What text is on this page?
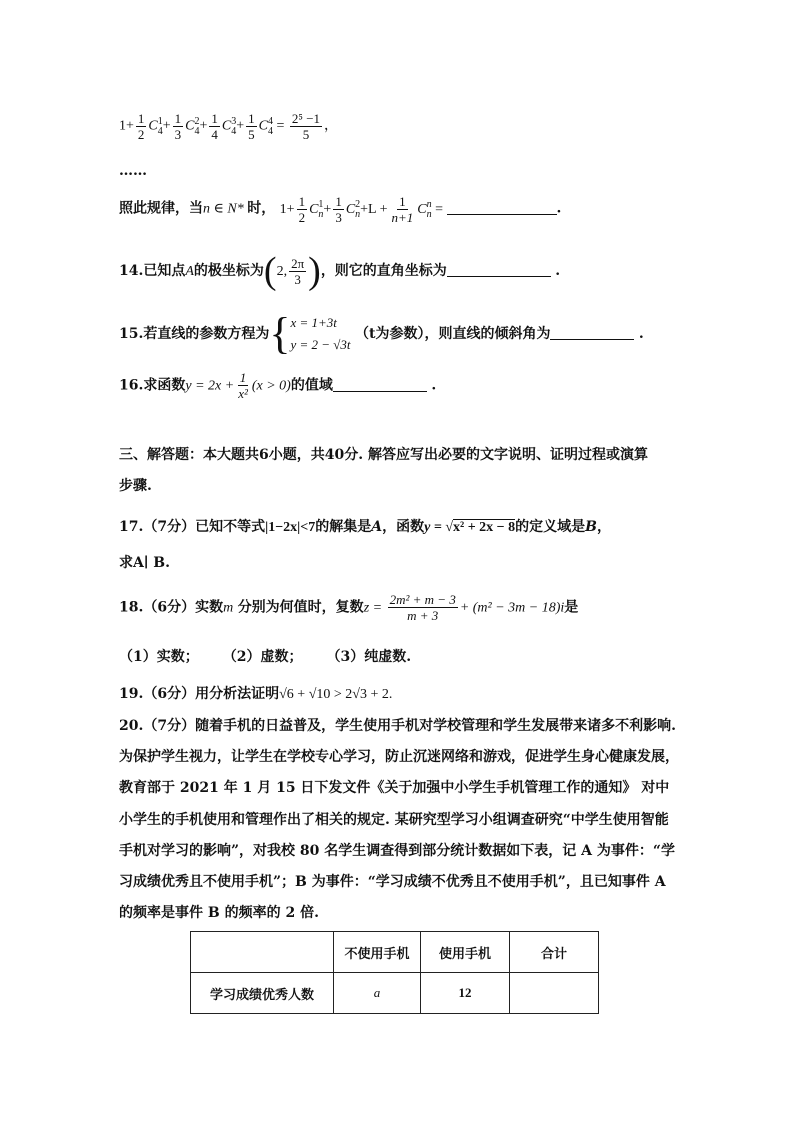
$1+ \frac{1}{2}$ C 1
$4 + \frac{1}{3}$ C 2
$4 + \frac{1}{4}$ C 3
$4 + \frac{1}{5}$ C 4
$4 = \frac{\text{2⁵ −1}}{5}$ ，
……
照此规律，当n ∈ N* 时， $1+ \frac{1}{2}$ C 1
$n + \frac{1}{3}$ C 2
$n +L + \frac{1}{n+1}$ C n
n =	.
14.已知点A的极坐标为(2, $\frac{2\pi}{3}$ )，则它的直角坐标为	.
15.若直线的参数方程为{ x = 1+3t
y = 2 − √3t
（t为参数），则直线的倾斜角为	.
16.求函数$y = 2x + \frac{1}{\text{x²}} (x > 0)$的值域	.
三、解答题：本大题共6小题，共40分. 解答应写出必要的文字说明、证明过程或演算
步骤.
17.（7分）已知不等式|1−2x|<7的解集是A，函数y = √x² + 2x − 8的定义域是B，
求A∣ B.
18.（6分）实数m 分别为何值时，复数$z = \frac{\text{2m² + m − 3}}{m + 3} + (m^2 - 3m - 18)i$是
（1）实数； （2）虚数； （3）纯虚数.
19.（6分）用分析法证明√6 + √10 > 2√3 + 2.
20.（7分）随着手机的日益普及，学生使用手机对学校管理和学生发展带来诸多不利影响.
为保护学生视力，让学生在学校专心学习，防止沉迷网络和游戏，促进学生身心健康发展，
教育部于 2021 年 1 月 15 日下发文件《关于加强中小学生手机管理工作的通知》 对中
小学生的手机使用和管理作出了相关的规定. 某研究型学习小组调查研究“中学生使用智能
手机对学习的影响”，对我校 80 名学生调查得到部分统计数据如下表，记 A 为事件：“学
习成绩优秀且不使用手机”；B 为事件：“学习成绩不优秀且不使用手机”，且已知事件 A
的频率是事件 B 的频率的 2 倍.
	不使用手机	使用手机	合计
学习成绩优秀人数	a	12	
